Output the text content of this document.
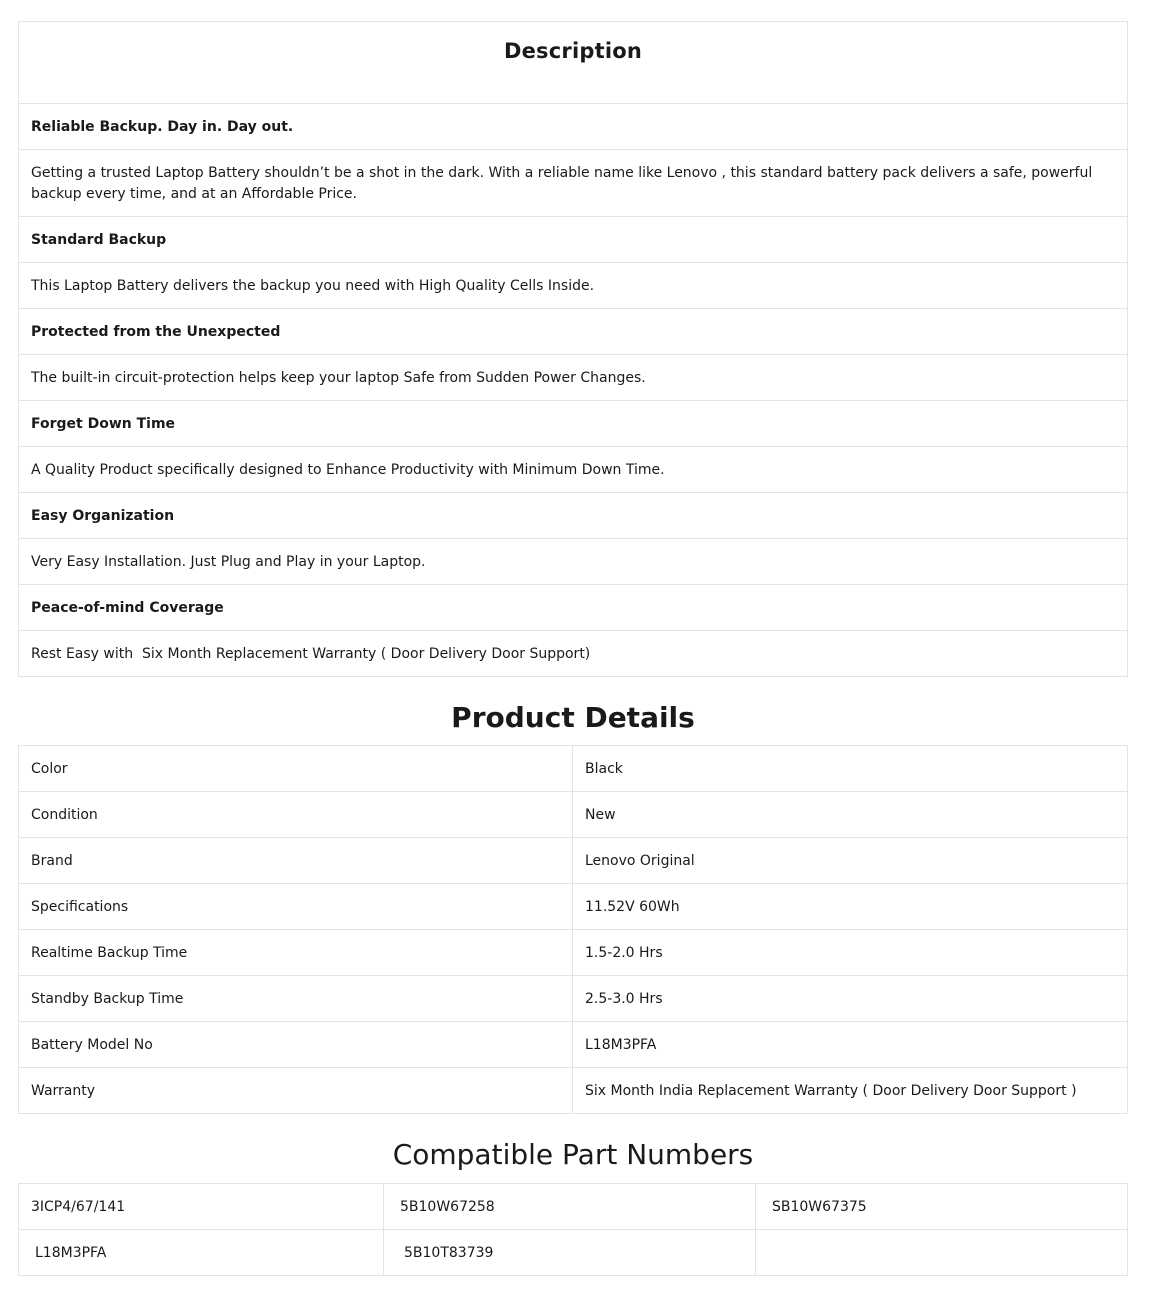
Description

Reliable Backup. Day in. Day out.
Getting a trusted Laptop Battery shouldn’t be a shot in the dark. With a reliable name like Lenovo , this standard battery pack delivers a safe, powerful backup every time, and at an Affordable Price.
Standard Backup
This Laptop Battery delivers the backup you need with High Quality Cells Inside.
Protected from the Unexpected
The built-in circuit-protection helps keep your laptop Safe from Sudden Power Changes.
Forget Down Time
A Quality Product specifically designed to Enhance Productivity with Minimum Down Time.
Easy Organization
Very Easy Installation. Just Plug and Play in your Laptop.
Peace-of-mind Coverage
Rest Easy with  Six Month Replacement Warranty ( Door Delivery Door Support)
Product Details
Color	Black
Condition	New
Brand	Lenovo Original
Specifications	11.52V 60Wh
Realtime Backup Time	1.5-2.0 Hrs
Standby Backup Time	2.5-3.0 Hrs
Battery Model No	L18M3PFA
Warranty	Six Month India Replacement Warranty ( Door Delivery Door Support )
Compatible Part Numbers
3ICP4/67/141	5B10W67258	SB10W67375
L18M3PFA	5B10T83739	
